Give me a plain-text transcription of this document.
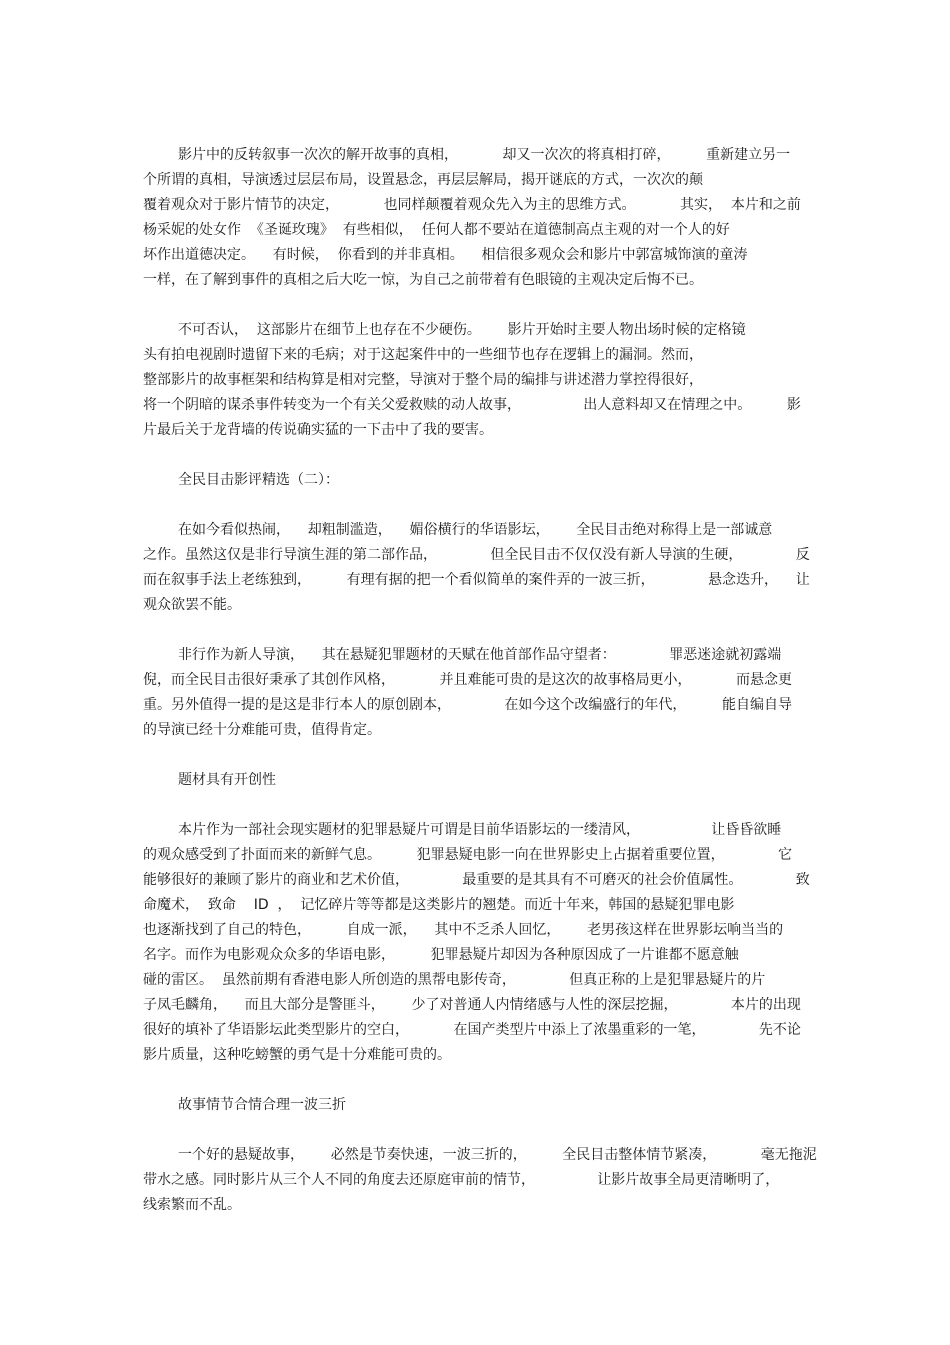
影片中的反转叙事一次次的解开故事的真相，          却又一次次的将真相打碎，        重新建立另一
个所谓的真相，导演透过层层布局，设置悬念，再层层解局，揭开谜底的方式，一次次的颠
覆着观众对于影片情节的决定，          也同样颠覆着观众先入为主的思维方式。          其实，  本片和之前
杨采妮的处女作  《圣诞玫瑰》  有些相似，  任何人都不要站在道德制高点主观的对一个人的好
坏作出道德决定。    有时候，  你看到的并非真相。    相信很多观众会和影片中郭富城饰演的童涛
一样，在了解到事件的真相之后大吃一惊，为自己之前带着有色眼镜的主观决定后悔不已。
不可否认，  这部影片在细节上也存在不少硬伤。      影片开始时主要人物出场时候的定格镜
头有拍电视剧时遗留下来的毛病；对于这起案件中的一些细节也存在逻辑上的漏洞。然而，
整部影片的故事框架和结构算是相对完整，导演对于整个局的编排与讲述潜力掌控得很好，
将一个阴暗的谋杀事件转变为一个有关父爱救赎的动人故事，              出人意料却又在情理之中。        影
片最后关于龙背墙的传说确实猛的一下击中了我的要害。
全民目击影评精选（二）：
在如今看似热闹，    却粗制滥造，    媚俗横行的华语影坛，      全民目击绝对称得上是一部诚意
之作。虽然这仅是非行导演生涯的第二部作品，            但全民目击不仅仅没有新人导演的生硬，            反
而在叙事手法上老练独到，        有理有据的把一个看似简单的案件弄的一波三折，            悬念迭升，    让
观众欲罢不能。
非行作为新人导演，    其在悬疑犯罪题材的天赋在他首部作品守望者：            罪恶迷途就初露端
倪，而全民目击很好秉承了其创作风格，          并且难能可贵的是这次的故事格局更小，          而悬念更
重。另外值得一提的是这是非行本人的原创剧本，            在如今这个改编盛行的年代，        能自编自导
的导演已经十分难能可贵，值得肯定。
题材具有开创性
本片作为一部社会现实题材的犯罪悬疑片可谓是目前华语影坛的一缕清风，                让昏昏欲睡
的观众感受到了扑面而来的新鲜气息。        犯罪悬疑电影一向在世界影史上占据着重要位置，            它
能够很好的兼顾了影片的商业和艺术价值，            最重要的是其具有不可磨灭的社会价值属性。            致
命魔术，  致命    ID  ，  记忆碎片等等都是这类影片的翘楚。而近十年来，韩国的悬疑犯罪电影
也逐渐找到了自己的特色，        自成一派，    其中不乏杀人回忆，      老男孩这样在世界影坛响当当的
名字。而作为电影观众众多的华语电影，        犯罪悬疑片却因为各种原因成了一片谁都不愿意触
碰的雷区。  虽然前期有香港电影人所创造的黑帮电影传奇，            但真正称的上是犯罪悬疑片的片
子凤毛麟角，    而且大部分是警匪斗，      少了对普通人内情绪感与人性的深层挖掘，            本片的出现
很好的填补了华语影坛此类型影片的空白，          在国产类型片中添上了浓墨重彩的一笔，            先不论
影片质量，这种吃螃蟹的勇气是十分难能可贵的。
故事情节合情合理一波三折
一个好的悬疑故事，      必然是节奏快速，一波三折的，        全民目击整体情节紧凑，          毫无拖泥
带水之感。同时影片从三个人不同的角度去还原庭审前的情节，              让影片故事全局更清晰明了，
线索繁而不乱。
